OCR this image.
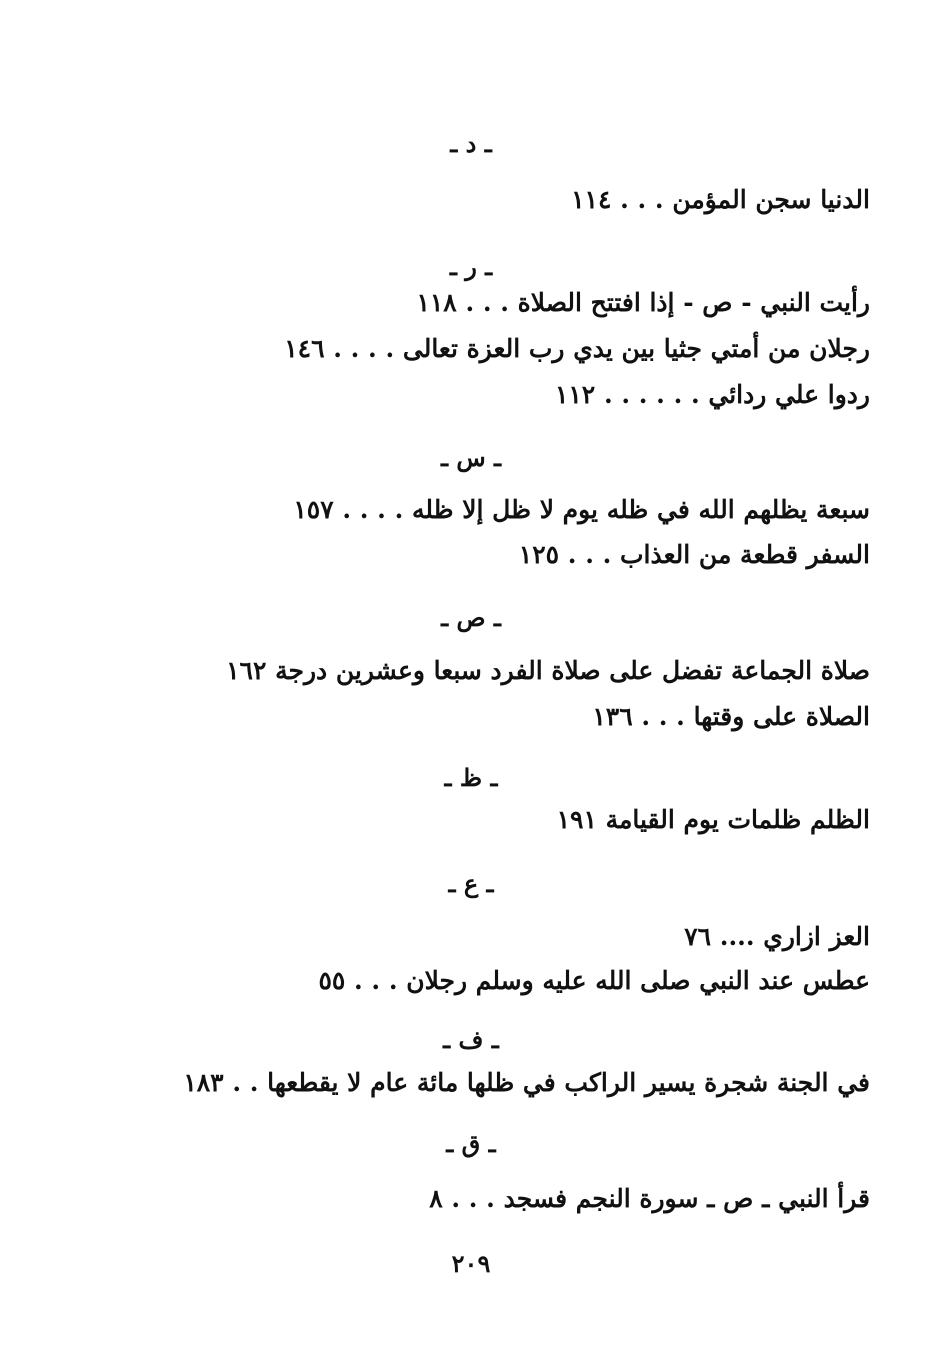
ـ د ـ
الدنيا سجن المؤمن . . . ١١٤
ـ ر ـ
رأيت النبي - ص - إذا افتتح الصلاة . . . ١١٨
رجلان من أمتي جثيا بين يدي رب العزة تعالى . . . . ١٤٦
ردوا علي ردائي . . . . . . ١١٢
ـ س ـ
سبعة يظلهم الله في ظله يوم لا ظل إلا ظله . . . . ١٥٧
السفر قطعة من العذاب . . . ١٢٥
ـ ص ـ
صلاة الجماعة تفضل على صلاة الفرد سبعا وعشرين درجة ١٦٢
الصلاة على وقتها . . . ١٣٦
ـ ظ ـ
الظلم ظلمات يوم القيامة ١٩١
ـ ع ـ
العز ازاري .... ٧٦
عطس عند النبي صلى الله عليه وسلم رجلان . . . ٥٥
ـ ف ـ
في الجنة شجرة يسير الراكب في ظلها مائة عام لا يقطعها . . ١٨٣
ـ ق ـ
قرأ النبي ـ ص ـ سورة النجم فسجد . . . ٨
٢٠٩
